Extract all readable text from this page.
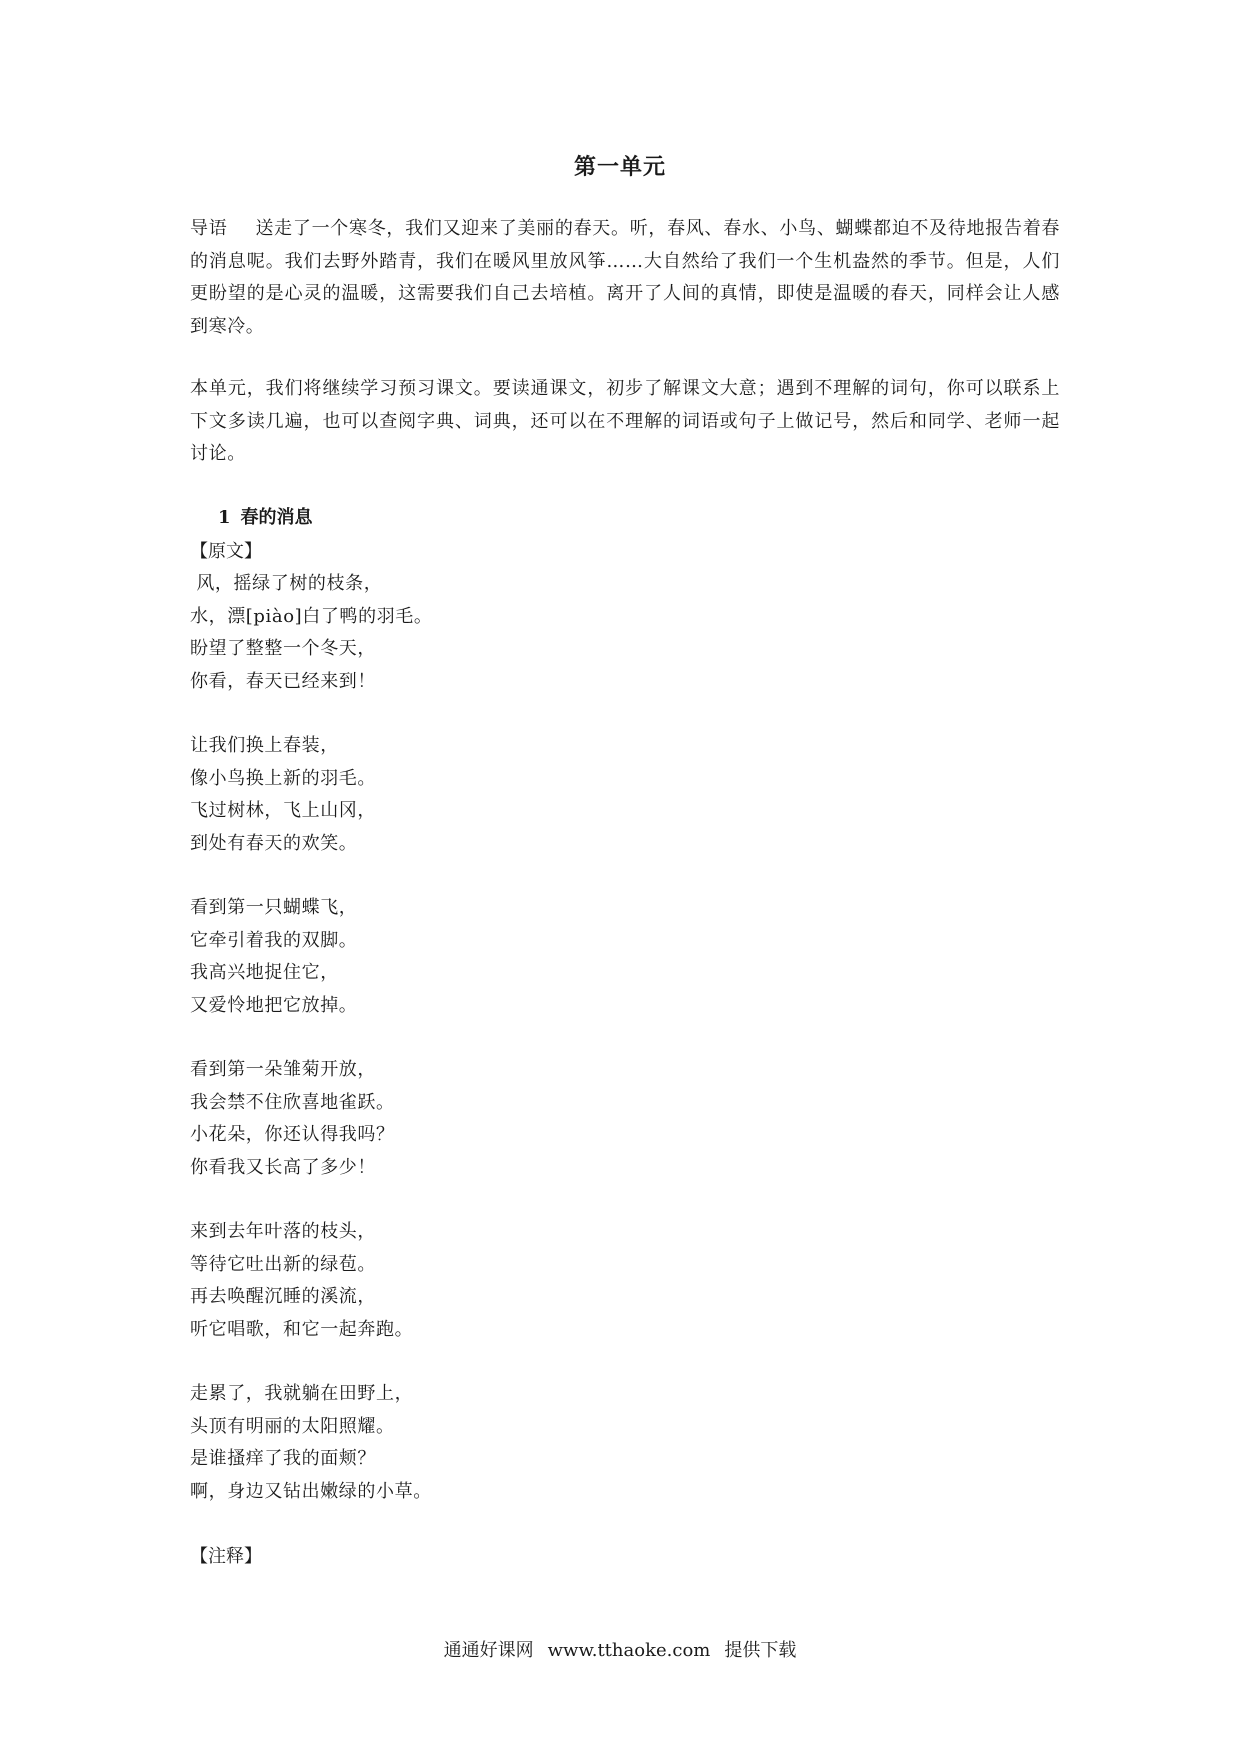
第一单元

导语 送走了一个寒冬，我们又迎来了美丽的春天。听，春风、春水、小鸟、蝴蝶都迫不及待地报告着春的消息呢。我们去野外踏青，我们在暖风里放风筝……大自然给了我们一个生机盎然的季节。但是，人们更盼望的是心灵的温暖，这需要我们自己去培植。离开了人间的真情，即使是温暖的春天，同样会让人感到寒冷。

本单元，我们将继续学习预习课文。要读通课文，初步了解课文大意；遇到不理解的词句，你可以联系上下文多读几遍，也可以查阅字典、词典，还可以在不理解的词语或句子上做记号，然后和同学、老师一起讨论。

1 春的消息
【原文】
风，摇绿了树的枝条，
水，漂[piào]白了鸭的羽毛。
盼望了整整一个冬天，
你看，春天已经来到！
让我们换上春装，
像小鸟换上新的羽毛。
飞过树林，飞上山冈，
到处有春天的欢笑。
看到第一只蝴蝶飞，
它牵引着我的双脚。
我高兴地捉住它，
又爱怜地把它放掉。
看到第一朵雏菊开放，
我会禁不住欣喜地雀跃。
小花朵，你还认得我吗？
你看我又长高了多少！
来到去年叶落的枝头，
等待它吐出新的绿苞。
再去唤醒沉睡的溪流，
听它唱歌，和它一起奔跑。
走累了，我就躺在田野上，
头顶有明丽的太阳照耀。
是谁搔痒了我的面颊？
啊，身边又钻出嫩绿的小草。
【注释】
通通好课网 www.tthaoke.com 提供下载
